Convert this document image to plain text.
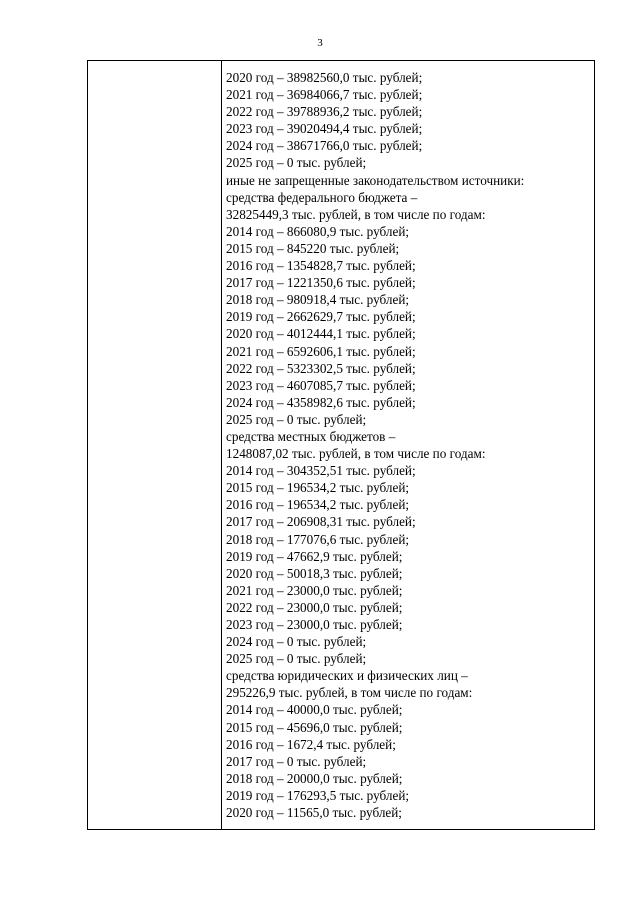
3
2020 год – 38982560,0 тыс. рублей;
2021 год – 36984066,7 тыс. рублей;
2022 год – 39788936,2 тыс. рублей;
2023 год – 39020494,4 тыс. рублей;
2024 год – 38671766,0 тыс. рублей;
2025 год – 0 тыс. рублей;
иные не запрещенные законодательством источники:
средства федерального бюджета –
32825449,3 тыс. рублей, в том числе по годам:
2014 год – 866080,9 тыс. рублей;
2015 год – 845220 тыс. рублей;
2016 год – 1354828,7 тыс. рублей;
2017 год – 1221350,6 тыс. рублей;
2018 год – 980918,4 тыс. рублей;
2019 год – 2662629,7 тыс. рублей;
2020 год – 4012444,1 тыс. рублей;
2021 год – 6592606,1 тыс. рублей;
2022 год – 5323302,5 тыс. рублей;
2023 год – 4607085,7 тыс. рублей;
2024 год – 4358982,6 тыс. рублей;
2025 год – 0 тыс. рублей;
средства местных бюджетов –
1248087,02 тыс. рублей, в том числе по годам:
2014 год – 304352,51 тыс. рублей;
2015 год – 196534,2 тыс. рублей;
2016 год – 196534,2 тыс. рублей;
2017 год – 206908,31 тыс. рублей;
2018 год – 177076,6 тыс. рублей;
2019 год – 47662,9 тыс. рублей;
2020 год – 50018,3 тыс. рублей;
2021 год – 23000,0 тыс. рублей;
2022 год – 23000,0 тыс. рублей;
2023 год – 23000,0 тыс. рублей;
2024 год – 0 тыс. рублей;
2025 год – 0 тыс. рублей;
средства юридических и физических лиц –
295226,9 тыс. рублей, в том числе по годам:
2014 год – 40000,0 тыс. рублей;
2015 год – 45696,0 тыс. рублей;
2016 год – 1672,4 тыс. рублей;
2017 год – 0 тыс. рублей;
2018 год – 20000,0 тыс. рублей;
2019 год – 176293,5 тыс. рублей;
2020 год – 11565,0 тыс. рублей;
